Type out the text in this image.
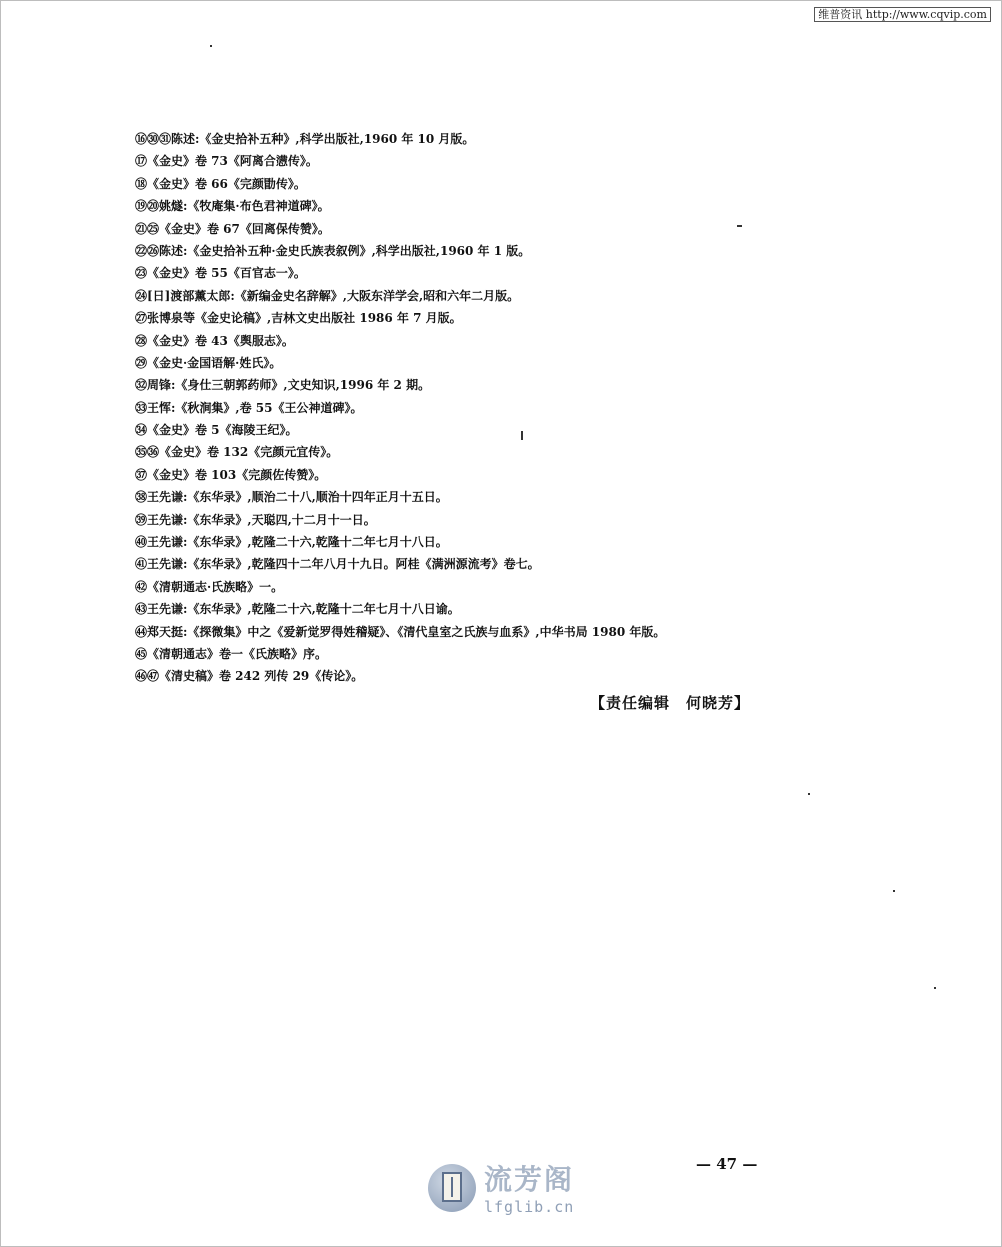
维普资讯 http://www.cqvip.com
⑯㉚㉛陈述:《金史拾补五种》,科学出版社,1960 年 10 月版。
⑰《金史》卷 73《阿离合懑传》。
⑱《金史》卷 66《完颜勖传》。
⑲⑳姚燧:《牧庵集·布色君神道碑》。
㉑㉕《金史》卷 67《回离保传赞》。
㉒㉖陈述:《金史拾补五种·金史氏族表叙例》,科学出版社,1960 年 1 版。
㉓《金史》卷 55《百官志一》。
㉔[日]渡部薰太郎:《新编金史名辞解》,大阪东洋学会,昭和六年二月版。
㉗张博泉等《金史论稿》,吉林文史出版社 1986 年 7 月版。
㉘《金史》卷 43《舆服志》。
㉙《金史·金国语解·姓氏》。
㉜周锋:《身仕三朝郭药师》,文史知识,1996 年 2 期。
㉝王恽:《秋涧集》,卷 55《王公神道碑》。
㉞《金史》卷 5《海陵王纪》。
㉟㊱《金史》卷 132《完颜元宜传》。
㊲《金史》卷 103《完颜佐传赞》。
㊳王先谦:《东华录》,顺治二十八,顺治十四年正月十五日。
㊴王先谦:《东华录》,天聪四,十二月十一日。
㊵王先谦:《东华录》,乾隆二十六,乾隆十二年七月十八日。
㊶王先谦:《东华录》,乾隆四十二年八月十九日。阿桂《满洲源流考》卷七。
㊷《清朝通志·氏族略》一。
㊸王先谦:《东华录》,乾隆二十六,乾隆十二年七月十八日谕。
㊹郑天挺:《探微集》中之《爱新觉罗得姓稽疑》、《清代皇室之氏族与血系》,中华书局 1980 年版。
㊺《清朝通志》卷一《氏族略》序。
㊻㊼《清史稿》卷 242 列传 29《传论》。
【责任编辑　何晓芳】
— 47 —
流芳阁
lfglib.cn
